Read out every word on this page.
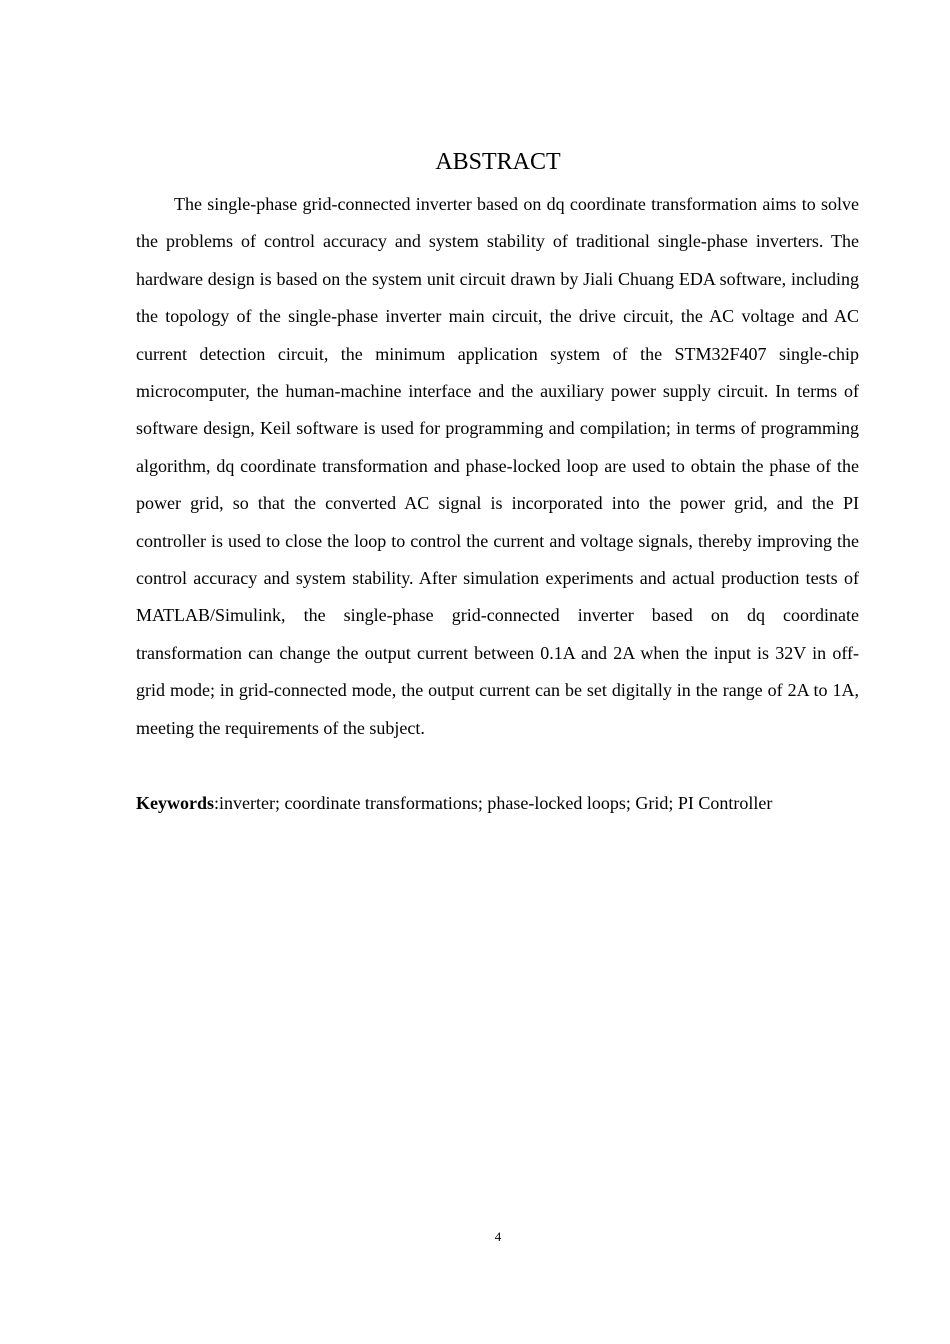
ABSTRACT

The single-phase grid-connected inverter based on dq coordinate transformation aims to solve the problems of control accuracy and system stability of traditional single-phase inverters. The hardware design is based on the system unit circuit drawn by Jiali Chuang EDA software, including the topology of the single-phase inverter main circuit, the drive circuit, the AC voltage and AC current detection circuit, the minimum application system of the STM32F407 single-chip microcomputer, the human-machine interface and the auxiliary power supply circuit. In terms of software design, Keil software is used for programming and compilation; in terms of programming algorithm, dq coordinate transformation and phase-locked loop are used to obtain the phase of the power grid, so that the converted AC signal is incorporated into the power grid, and the PI controller is used to close the loop to control the current and voltage signals, thereby improving the control accuracy and system stability. After simulation experiments and actual production tests of MATLAB/Simulink, the single-phase grid-connected inverter based on dq coordinate transformation can change the output current between 0.1A and 2A when the input is 32V in off-grid mode; in grid-connected mode, the output current can be set digitally in the range of 2A to 1A, meeting the requirements of the subject.

Keywords:inverter; coordinate transformations; phase-locked loops; Grid; PI Controller

4
